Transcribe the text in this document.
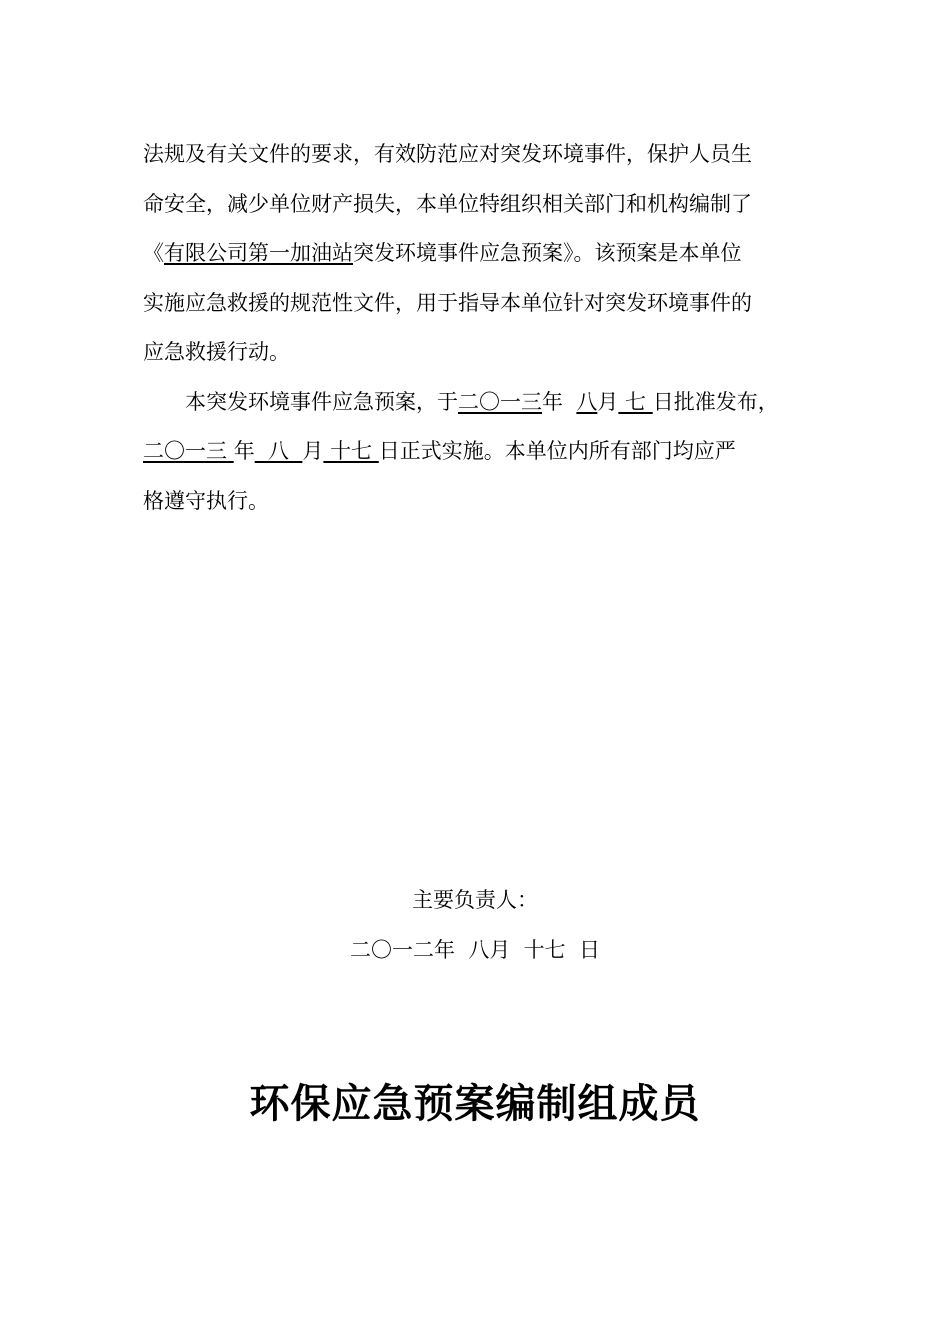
法规及有关文件的要求，有效防范应对突发环境事件，保护人员生
命安全，减少单位财产损失，本单位特组织相关部门和机构编制了
《有限公司第一加油站突发环境事件应急预案》。该预案是本单位
实施应急救援的规范性文件，用于指导本单位针对突发环境事件的
应急救援行动。
本突发环境事件应急预案，于二〇一三年 八月 七 日批准发布，
二〇一三 年  八  月 十七 日正式实施。本单位内所有部门均应严
格遵守执行。
主要负责人：
二〇一二年  八月  十七  日
环保应急预案编制组成员
